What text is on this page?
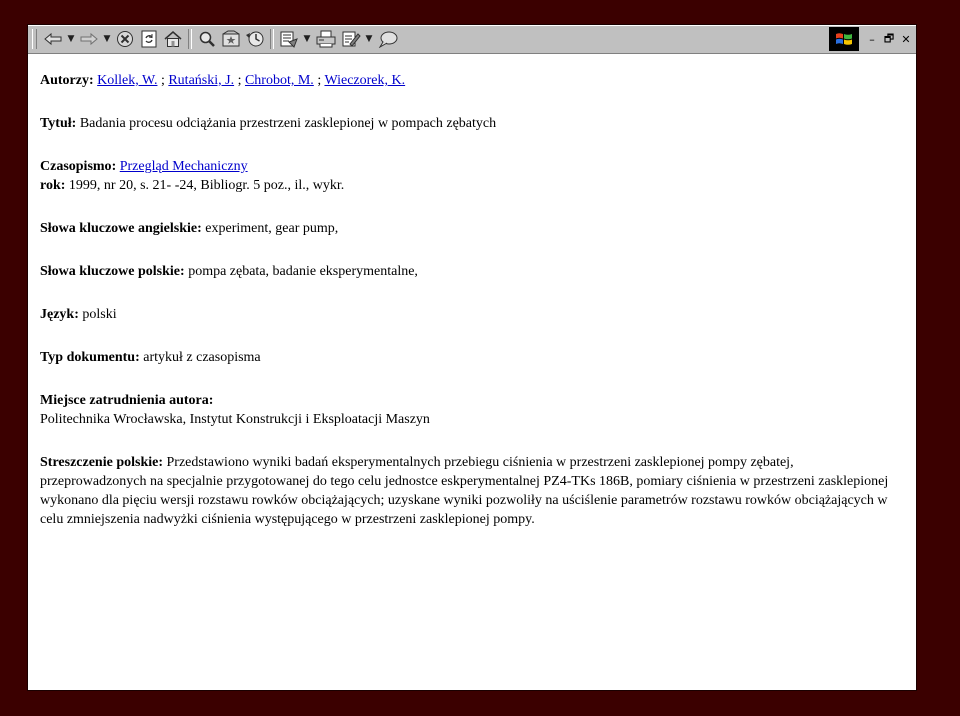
▼	▼	▼	▼	– 🗗 ✕

Autorzy: Kollek, W. ; Rutański, J. ; Chrobot, M. ; Wieczorek, K.

Tytuł: Badania procesu odciążania przestrzeni zasklepionej w pompach zębatych

Czasopismo: Przegląd Mechaniczny
rok: 1999, nr 20, s. 21- -24, Bibliogr. 5 poz., il., wykr.

Słowa kluczowe angielskie: experiment, gear pump,

Słowa kluczowe polskie: pompa zębata, badanie eksperymentalne,

Język: polski

Typ dokumentu: artykuł z czasopisma

Miejsce zatrudnienia autora:
Politechnika Wrocławska, Instytut Konstrukcji i Eksploatacji Maszyn

Streszczenie polskie: Przedstawiono wyniki badań eksperymentalnych przebiegu ciśnienia w przestrzeni zasklepionej pompy zębatej, przeprowadzonych na specjalnie przygotowanej do tego celu jednostce eskperymentalnej PZ4-TKs 186B, pomiary ciśnienia w przestrzeni zasklepionej wykonano dla pięciu wersji rozstawu rowków obciążających; uzyskane wyniki pozwoliły na uściślenie parametrów rozstawu rowków obciążających w celu zmniejszenia nadwyżki ciśnienia występującego w przestrzeni zasklepionej pompy.
